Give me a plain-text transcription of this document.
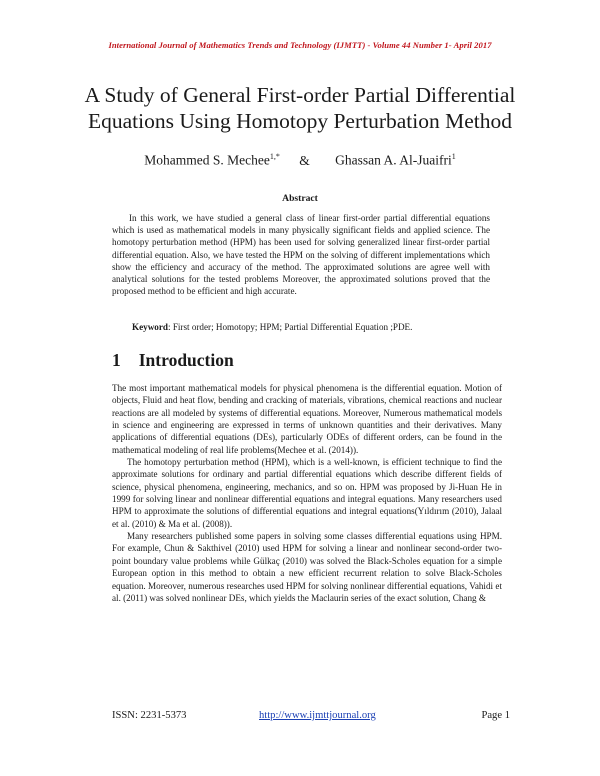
International Journal of Mathematics Trends and Technology (IJMTT) - Volume 44 Number 1- April 2017
A Study of General First-order Partial Differential
Equations Using Homotopy Perturbation Method
Mohammed S. Mechee$^{1,*}$ & Ghassan A. Al-Juaifri$^1$
Abstract

In this work, we have studied a general class of linear first-order partial differential equations which is used as mathematical models in many physically significant fields and applied science. The homotopy perturbation method (HPM) has been used for solving generalized linear first-order partial differential equation. Also, we have tested the HPM on the solving of different implementations which show the efficiency and accuracy of the method. The approximated solutions are agree well with analytical solutions for the tested problems Moreover, the approximated solutions proved that the proposed method to be efficient and high accurate.

Keyword: First order; Homotopy; HPM; Partial Differential Equation ;PDE.
1 Introduction

The most important mathematical models for physical phenomena is the differential equation. Motion of objects, Fluid and heat flow, bending and cracking of materials, vibrations, chemical reactions and nuclear reactions are all modeled by systems of differential equations. Moreover, Numerous mathematical models in science and engineering are expressed in terms of unknown quantities and their derivatives. Many applications of differential equations (DEs), particularly ODEs of different orders, can be found in the mathematical modeling of real life problems(Mechee et al. (2014)).

The homotopy perturbation method (HPM), which is a well-known, is efficient technique to find the approximate solutions for ordinary and partial differential equations which describe different fields of science, physical phenomena, engineering, mechanics, and so on. HPM was proposed by Ji-Huan He in 1999 for solving linear and nonlinear differential equations and integral equations. Many researchers used HPM to approximate the solutions of differential equations and integral equations(Yıldırım (2010), Jalaal et al. (2010) & Ma et al. (2008)).

Many researchers published some papers in solving some classes differential equations using HPM. For example, Chun & Sakthivel (2010) used HPM for solving a linear and nonlinear second-order two-point boundary value problems while Gülkaç (2010) was solved the Black-Scholes equation for a simple European option in this method to obtain a new efficient recurrent relation to solve Black-Scholes equation. Moreover, numerous researches used HPM for solving nonlinear differential equations, Vahidi et al. (2011) was solved nonlinear DEs, which yields the Maclaurin series of the exact solution, Chang &

ISSN: 2231-5373	http://www.ijmttjournal.org	Page 1
